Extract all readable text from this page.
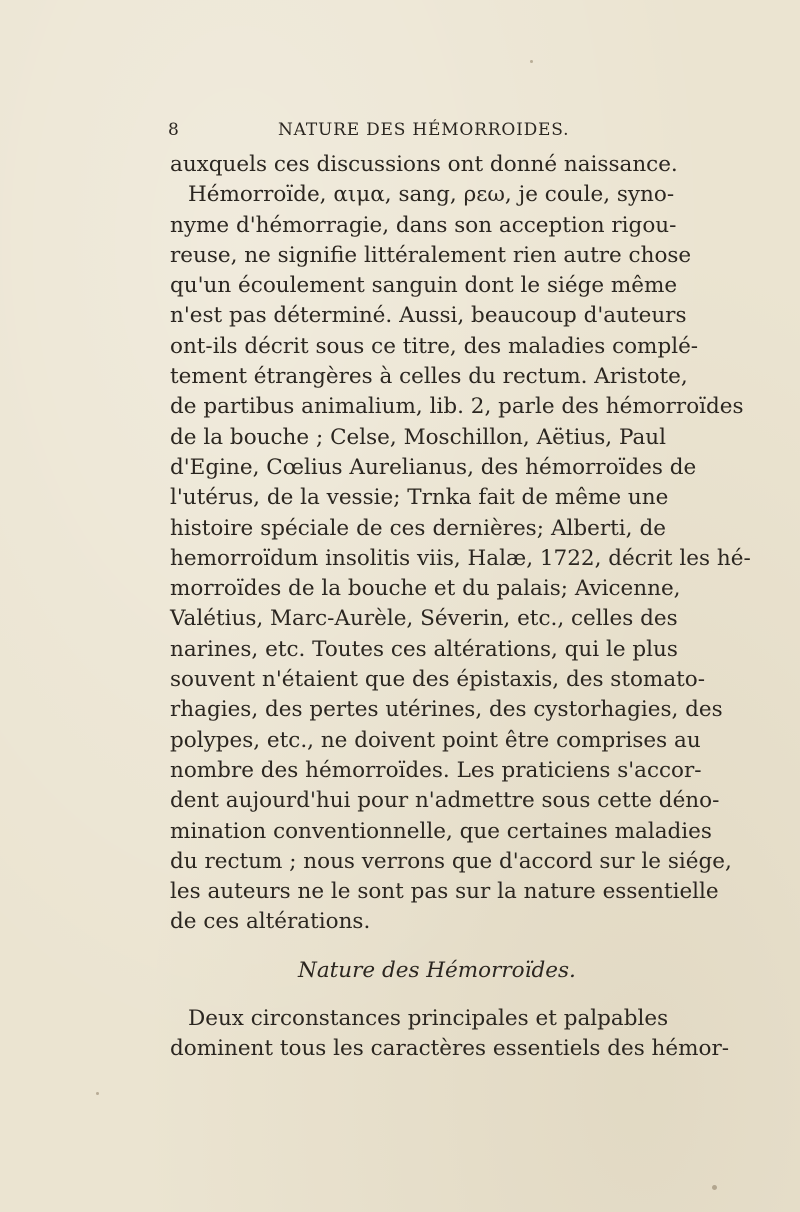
8	NATURE DES HÉMORROIDES.
auxquels ces discussions ont donné naissance.
Hémorroïde, αιμα, sang, ρεω, je coule, syno-
nyme d'hémorragie, dans son acception rigou-
reuse, ne signifie littéralement rien autre chose
qu'un écoulement sanguin dont le siége même
n'est pas déterminé. Aussi, beaucoup d'auteurs
ont-ils décrit sous ce titre, des maladies complé-
tement étrangères à celles du rectum. Aristote,
de partibus animalium, lib. 2, parle des hémorroïdes
de la bouche ; Celse, Moschillon, Aëtius, Paul
d'Egine, Cœlius Aurelianus, des hémorroïdes de
l'utérus, de la vessie; Trnka fait de même une
histoire spéciale de ces dernières; Alberti, de
hemorroïdum insolitis viis, Halæ, 1722, décrit les hé-
morroïdes de la bouche et du palais; Avicenne,
Valétius, Marc-Aurèle, Séverin, etc., celles des
narines, etc. Toutes ces altérations, qui le plus
souvent n'étaient que des épistaxis, des stomato-
rhagies, des pertes utérines, des cystorhagies, des
polypes, etc., ne doivent point être comprises au
nombre des hémorroïdes. Les praticiens s'accor-
dent aujourd'hui pour n'admettre sous cette déno-
mination conventionnelle, que certaines maladies
du rectum ; nous verrons que d'accord sur le siége,
les auteurs ne le sont pas sur la nature essentielle
de ces altérations.
Nature des Hémorroïdes.
Deux circonstances principales et palpables
dominent tous les caractères essentiels des hémor-
